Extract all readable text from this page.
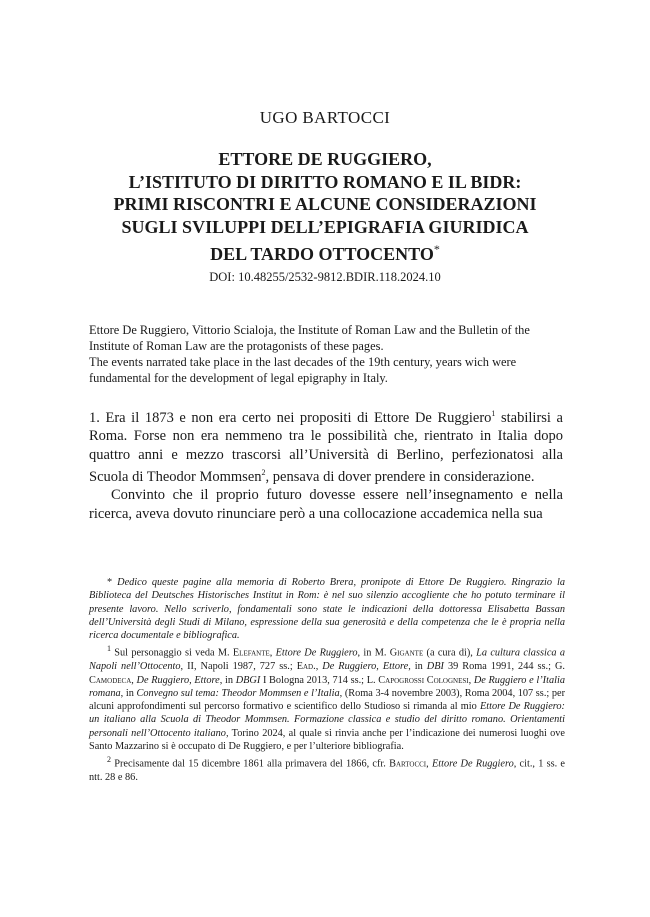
UGO BARTOCCI
ETTORE DE RUGGIERO,
L’ISTITUTO DI DIRITTO ROMANO E IL BIDR:
PRIMI RISCONTRI E ALCUNE CONSIDERAZIONI
SUGLI SVILUPPI DELL’EPIGRAFIA GIURIDICA
DEL TARDO OTTOCENTO*
DOI: 10.48255/2532-9812.BDIR.118.2024.10

Ettore De Ruggiero, Vittorio Scialoja, the Institute of Roman Law and the Bulletin of the Institute of Roman Law are the protagonists of these pages.

The events narrated take place in the last decades of the 19th century, years wich were fundamental for the development of legal epigraphy in Italy.

1. Era il 1873 e non era certo nei propositi di Ettore De Ruggiero$^1$ stabilirsi a Roma. Forse non era nemmeno tra le possibilità che, rientrato in Italia dopo quattro anni e mezzo trascorsi all’Università di Berlino, perfezionatosi alla Scuola di Theodor Mommsen$^2$, pensava di dover prendere in considerazione.

Convinto che il proprio futuro dovesse essere nell’insegnamento e nella ricerca, aveva dovuto rinunciare però a una collocazione accademica nella sua

* Dedico queste pagine alla memoria di Roberto Brera, pronipote di Ettore De Ruggiero. Ringrazio la Biblioteca del Deutsches Historisches Institut in Rom: è nel suo silenzio accogliente che ho potuto terminare il presente lavoro. Nello scriverlo, fondamentali sono state le indicazioni della dottoressa Elisabetta Bassan dell’Università degli Studi di Milano, espressione della sua generosità e della competenza che le è propria nella ricerca documentale e bibliografica.

$^1$ Sul personaggio si veda M. Elefante, Ettore De Ruggiero, in M. Gigante (a cura di), La cultura classica a Napoli nell’Ottocento, II, Napoli 1987, 727 ss.; Ead., De Ruggiero, Ettore, in DBI 39 Roma 1991, 244 ss.; G. Camodeca, De Ruggiero, Ettore, in DBGI I Bologna 2013, 714 ss.; L. Capogrossi Colognesi, De Ruggiero e l’Italia romana, in Convegno sul tema: Theodor Mommsen e l’Italia, (Roma 3-4 novembre 2003), Roma 2004, 107 ss.; per alcuni approfondimenti sul percorso formativo e scientifico dello Studioso si rimanda al mio Ettore De Ruggiero: un italiano alla Scuola di Theodor Mommsen. Formazione classica e studio del diritto romano. Orientamenti personali nell’Ottocento italiano, Torino 2024, al quale si rinvia anche per l’indicazione dei numerosi luoghi ove Santo Mazzarino si è occupato di De Ruggiero, e per l’ulteriore bibliografia.

$^2$ Precisamente dal 15 dicembre 1861 alla primavera del 1866, cfr. Bartocci, Ettore De Ruggiero, cit., 1 ss. e ntt. 28 e 86.
